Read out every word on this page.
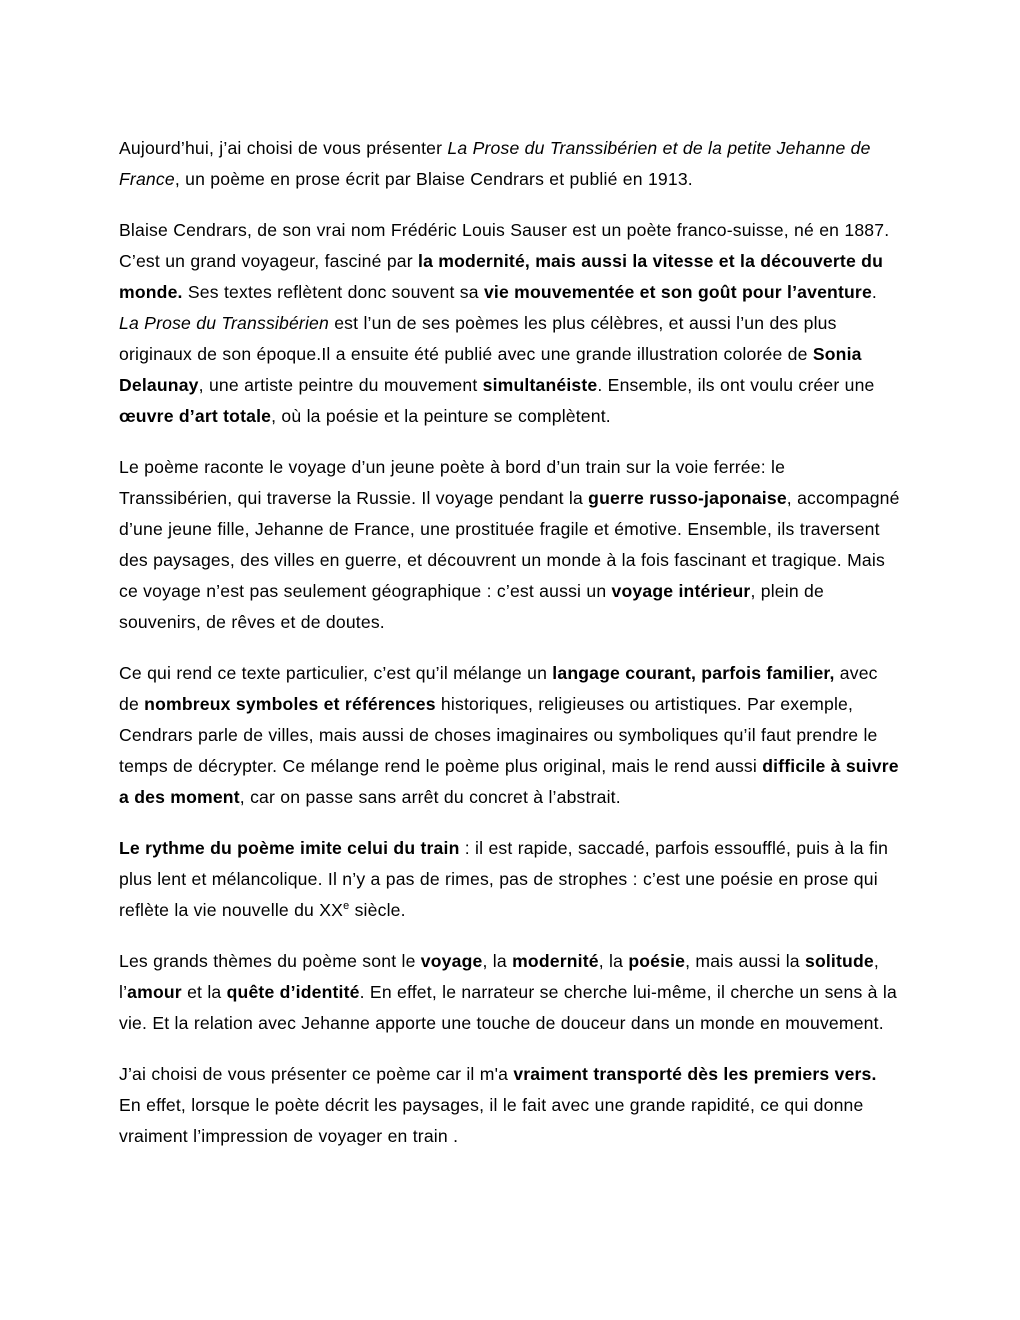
Aujourd’hui, j’ai choisi de vous présenter La Prose du Transsibérien et de la petite Jehanne de France, un poème en prose écrit par Blaise Cendrars et publié en 1913.

Blaise Cendrars, de son vrai nom Frédéric Louis Sauser est un poète franco-suisse, né en 1887. C’est un grand voyageur, fasciné par la modernité, mais aussi la vitesse et la découverte du monde. Ses textes reflètent donc souvent sa vie mouvementée et son goût pour l’aventure. La Prose du Transsibérien est l’un de ses poèmes les plus célèbres, et aussi l’un des plus originaux de son époque.Il a ensuite été publié avec une grande illustration colorée de Sonia Delaunay, une artiste peintre du mouvement simultanéiste. Ensemble, ils ont voulu créer une œuvre d’art totale, où la poésie et la peinture se complètent.

Le poème raconte le voyage d’un jeune poète à bord d’un train sur la voie ferrée: le Transsibérien, qui traverse la Russie. Il voyage pendant la guerre russo-japonaise, accompagné d’une jeune fille, Jehanne de France, une prostituée fragile et émotive. Ensemble, ils traversent des paysages, des villes en guerre, et découvrent un monde à la fois fascinant et tragique. Mais ce voyage n’est pas seulement géographique : c’est aussi un voyage intérieur, plein de souvenirs, de rêves et de doutes.

Ce qui rend ce texte particulier, c’est qu’il mélange un langage courant, parfois familier, avec de nombreux symboles et références historiques, religieuses ou artistiques. Par exemple, Cendrars parle de villes, mais aussi de choses imaginaires ou symboliques qu’il faut prendre le temps de décrypter. Ce mélange rend le poème plus original, mais le rend aussi difficile à suivre a des moment, car on passe sans arrêt du concret à l’abstrait.

Le rythme du poème imite celui du train : il est rapide, saccadé, parfois essoufflé, puis à la fin plus lent et mélancolique. Il n’y a pas de rimes, pas de strophes : c’est une poésie en prose qui reflète la vie nouvelle du XXe siècle.

Les grands thèmes du poème sont le voyage, la modernité, la poésie, mais aussi la solitude, l’amour et la quête d’identité. En effet, le narrateur se cherche lui-même, il cherche un sens à la vie. Et la relation avec Jehanne apporte une touche de douceur dans un monde en mouvement.

J’ai choisi de vous présenter ce poème car il m'a vraiment transporté dès les premiers vers. En effet, lorsque le poète décrit les paysages, il le fait avec une grande rapidité, ce qui donne vraiment l’impression de voyager en train .
